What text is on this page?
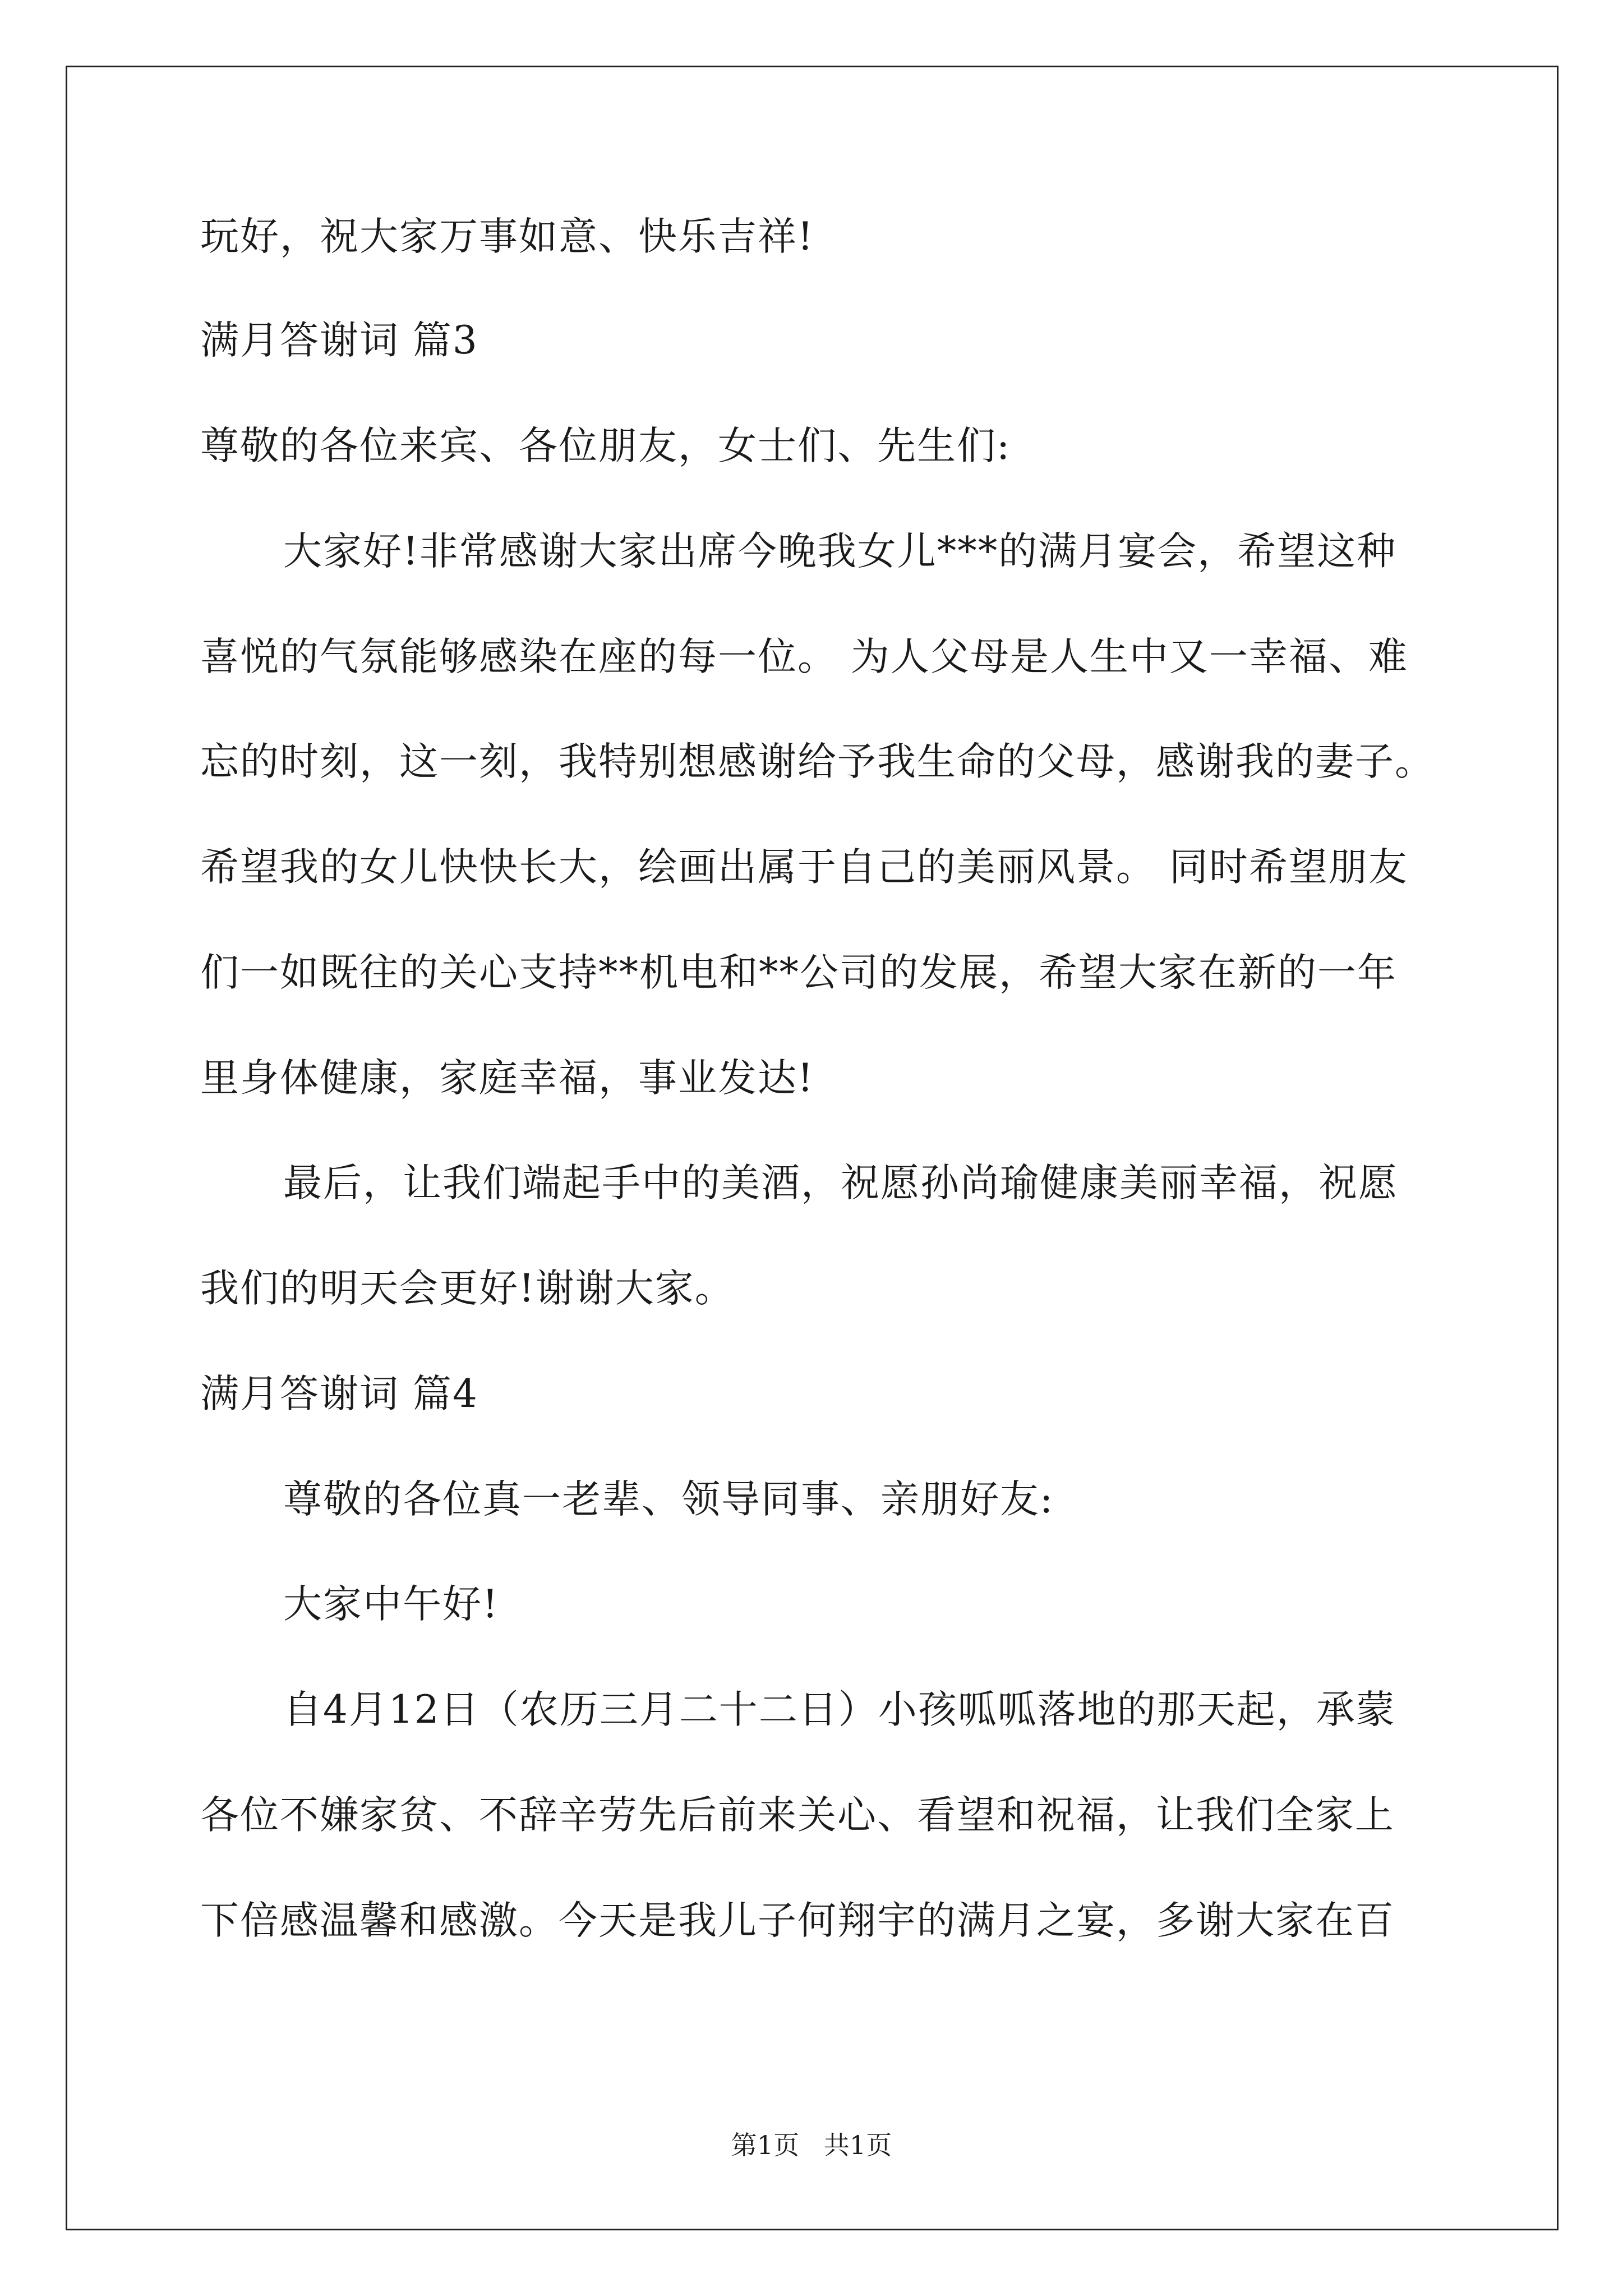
玩好，祝大家万事如意、快乐吉祥!
满月答谢词 篇3
尊敬的各位来宾、各位朋友，女士们、先生们:
大家好!非常感谢大家出席今晚我女儿***的满月宴会，希望这种
喜悦的气氛能够感染在座的每一位。 为人父母是人生中又一幸福、难
忘的时刻，这一刻，我特别想感谢给予我生命的父母，感谢我的妻子。
希望我的女儿快快长大，绘画出属于自己的美丽风景。 同时希望朋友
们一如既往的关心支持**机电和**公司的发展，希望大家在新的一年
里身体健康，家庭幸福，事业发达!
最后，让我们端起手中的美酒，祝愿孙尚瑜健康美丽幸福，祝愿
我们的明天会更好!谢谢大家。
满月答谢词 篇4
尊敬的各位真一老辈、领导同事、亲朋好友:
大家中午好!
自4月12日（农历三月二十二日）小孩呱呱落地的那天起，承蒙
各位不嫌家贫、不辞辛劳先后前来关心、看望和祝福，让我们全家上
下倍感温馨和感激。今天是我儿子何翔宇的满月之宴，多谢大家在百
第1页   共1页
